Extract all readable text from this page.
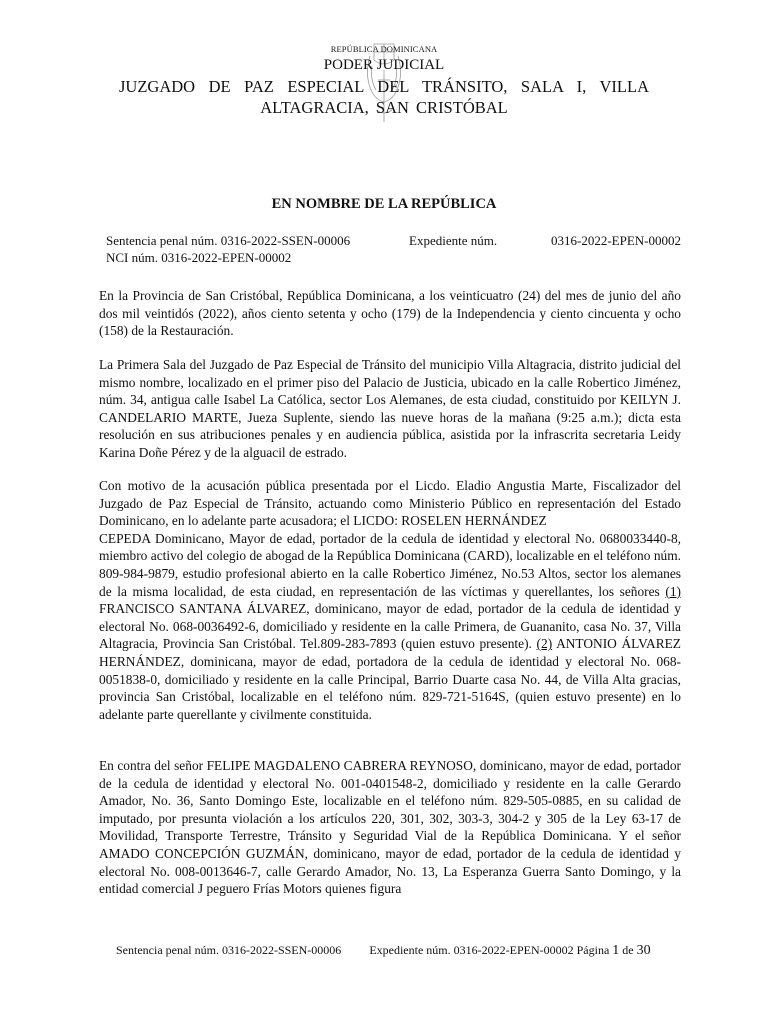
REPÚBLICA DOMINICANA
PODER JUDICIAL
JUZGADO DE PAZ ESPECIAL DEL TRÁNSITO, SALA I, VILLA ALTAGRACIA, SAN CRISTÓBAL
EN NOMBRE DE LA REPÚBLICA
Sentencia penal núm. 0316-2022-SSEN-00006	Expediente núm.	0316-2022-EPEN-00002
NCI núm. 0316-2022-EPEN-00002

En la Provincia de San Cristóbal, República Dominicana, a los veinticuatro (24) del mes de junio del año dos mil veintidós (2022), años ciento setenta y ocho (179) de la Independencia y ciento cincuenta y ocho (158) de la Restauración.

La Primera Sala del Juzgado de Paz Especial de Tránsito del municipio Villa Altagracia, distrito judicial del mismo nombre, localizado en el primer piso del Palacio de Justicia, ubicado en la calle Robertico Jiménez, núm. 34, antigua calle Isabel La Católica, sector Los Alemanes, de esta ciudad, constituido por KEILYN J. CANDELARIO MARTE, Jueza Suplente, siendo las nueve horas de la mañana (9:25 a.m.); dicta esta resolución en sus atribuciones penales y en audiencia pública, asistida por la infrascrita secretaria Leidy Karina Doñe Pérez y de la alguacil de estrado.

Con motivo de la acusación pública presentada por el Licdo. Eladio Angustia Marte, Fiscalizador del Juzgado de Paz Especial de Tránsito, actuando como Ministerio Público en representación del Estado Dominicano, en lo adelante parte acusadora; el LICDO: ROSELEN HERNÁNDEZ

CEPEDA Dominicano, Mayor de edad, portador de la cedula de identidad y electoral No. 0680033440-8, miembro activo del colegio de abogad de la República Dominicana (CARD), localizable en el teléfono núm. 809-984-9879, estudio profesional abierto en la calle Robertico Jiménez, No.53 Altos, sector los alemanes de la misma localidad, de esta ciudad, en representación de las víctimas y querellantes, los señores (1) FRANCISCO SANTANA ÁLVAREZ, dominicano, mayor de edad, portador de la cedula de identidad y electoral No. 068-0036492-6, domiciliado y residente en la calle Primera, de Guananito, casa No. 37, Villa Altagracia, Provincia San Cristóbal. Tel.809-283-7893 (quien estuvo presente). (2) ANTONIO ÁLVAREZ HERNÁNDEZ, dominicana, mayor de edad, portadora de la cedula de identidad y electoral No. 068-0051838-0, domiciliado y residente en la calle Principal, Barrio Duarte casa No. 44, de Villa Alta gracias, provincia San Cristóbal, localizable en el teléfono núm. 829-721-5164S, (quien estuvo presente) en lo adelante parte querellante y civilmente constituida.

En contra del señor FELIPE MAGDALENO CABRERA REYNOSO, dominicano, mayor de edad, portador de la cedula de identidad y electoral No. 001-0401548-2, domiciliado y residente en la calle Gerardo Amador, No. 36, Santo Domingo Este, localizable en el teléfono núm. 829-505-0885, en su calidad de imputado, por presunta violación a los artículos 220, 301, 302, 303-3, 304-2 y 305 de la Ley 63-17 de Movilidad, Transporte Terrestre, Tránsito y Seguridad Vial de la República Dominicana. Y el señor AMADO CONCEPCIÓN GUZMÁN, dominicano, mayor de edad, portador de la cedula de identidad y electoral No. 008-0013646-7, calle Gerardo Amador, No. 13, La Esperanza Guerra Santo Domingo, y la entidad comercial J peguero Frías Motors quienes figura

Sentencia penal núm. 0316-2022-SSEN-00006 Expediente núm. 0316-2022-EPEN-00002 Página 1 de 30
